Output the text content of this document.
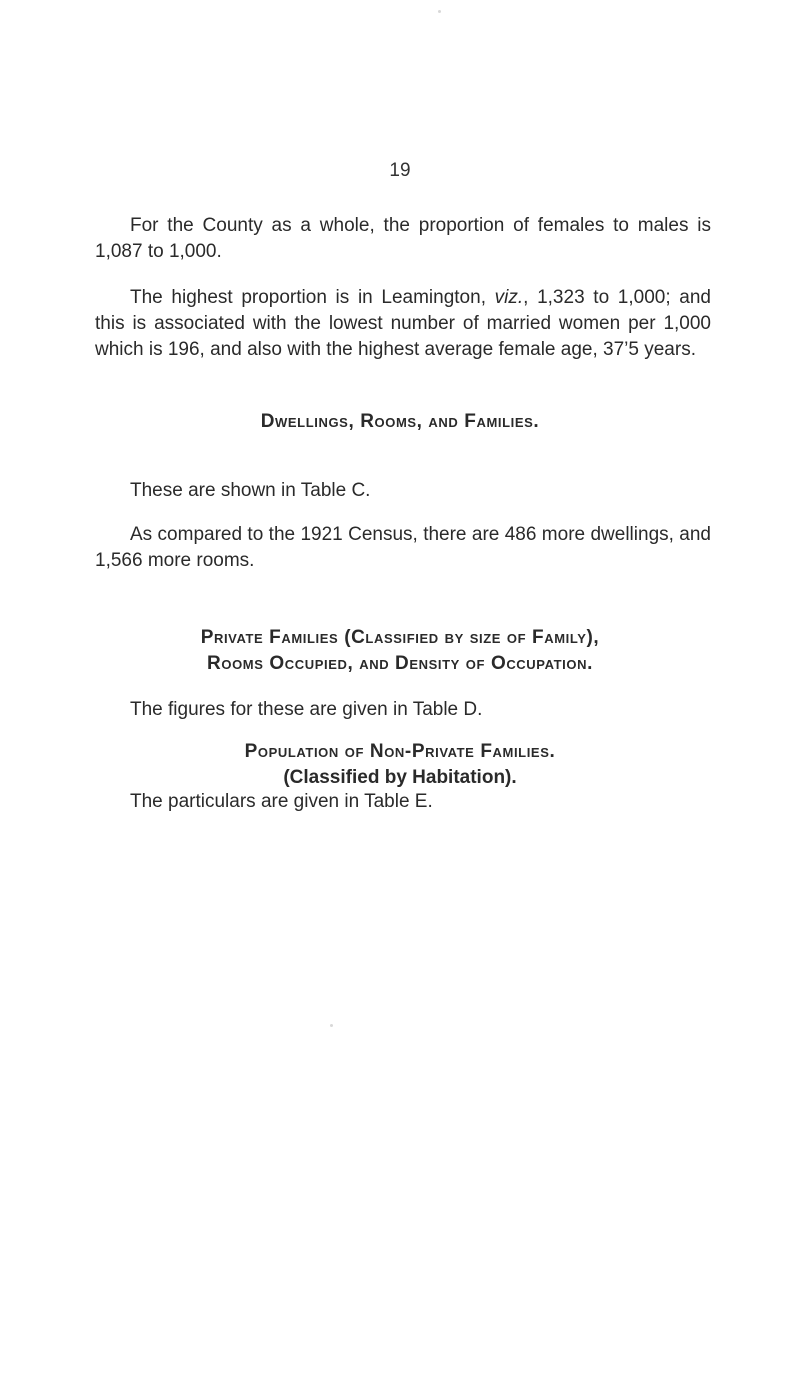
19

For the County as a whole, the proportion of females to males is 1,087 to 1,000.

The highest proportion is in Leamington, viz., 1,323 to 1,000; and this is associated with the lowest number of married women per 1,000 which is 196, and also with the highest average female age, 37’5 years.

Dwellings, Rooms, and Families.

These are shown in Table C.

As compared to the 1921 Census, there are 486 more dwellings, and 1,566 more rooms.

Private Families (Classified by size of Family),
Rooms Occupied, and Density of Occupation.

The figures for these are given in Table D.

Population of Non-Private Families.
(Classified by Habitation).

The particulars are given in Table E.
